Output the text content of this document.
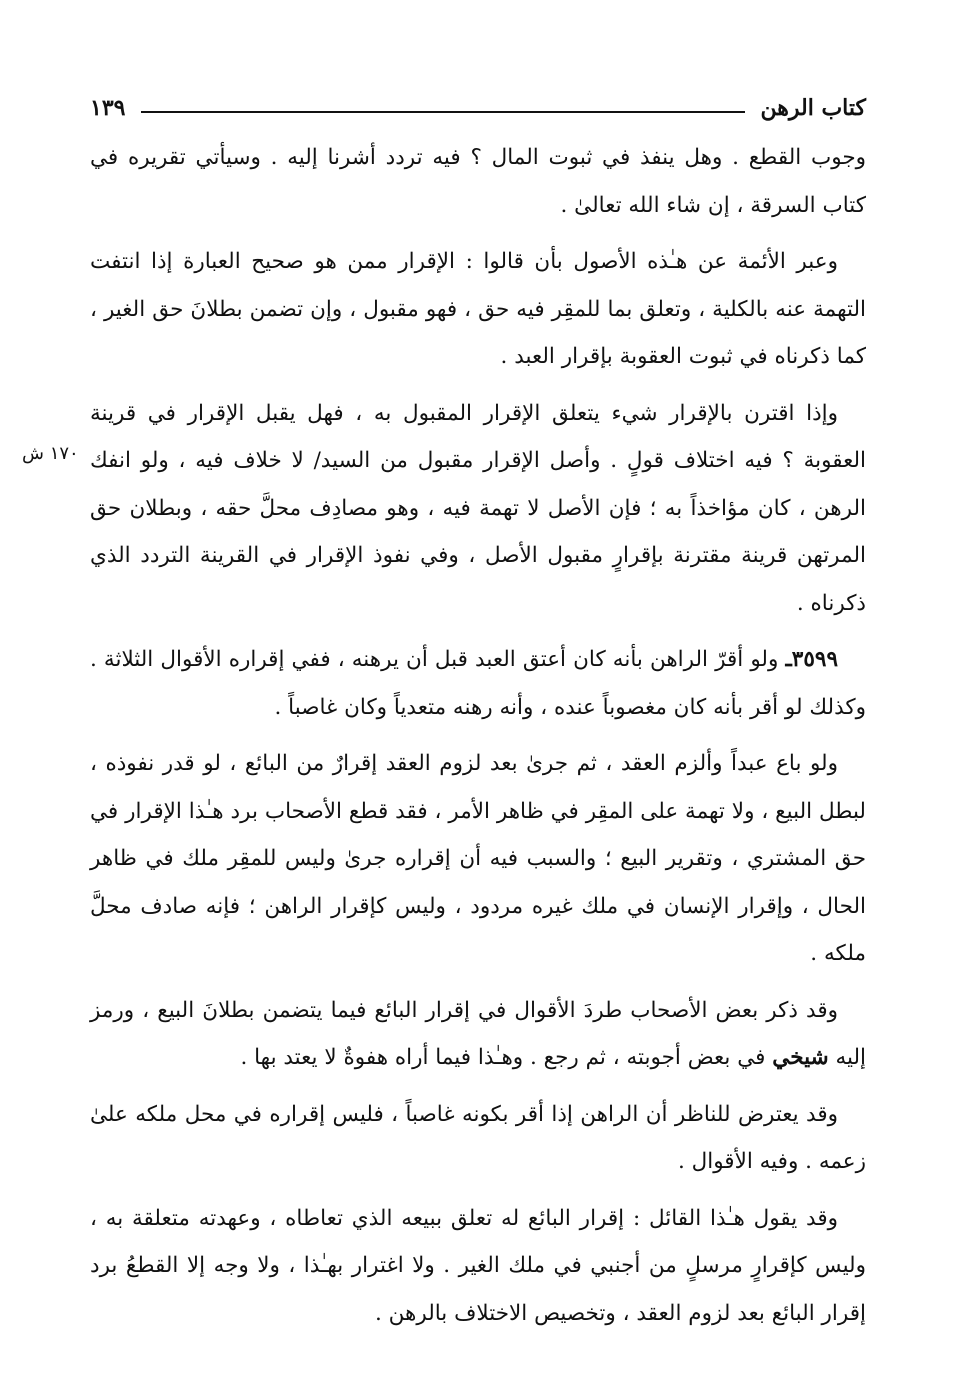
كتاب الرهن
١٣٩

وجوب القطع . وهل ينفذ في ثبوت المال ؟ فيه تردد أشرنا إليه . وسيأتي تقريره في كتاب السرقة ، إن شاء الله تعالىٰ .

وعبر الأئمة عن هـٰذه الأصول بأن قالوا : الإقرار ممن هو صحيح العبارة إذا انتفت التهمة عنه بالكلية ، وتعلق بما للمقِر فيه حق ، فهو مقبول ، وإن تضمن بطلانَ حق الغير ، كما ذكرناه في ثبوت العقوبة بإقرار العبد .

وإذا اقترن بالإقرار شيء يتعلق الإقرار المقبول به ، فهل يقبل الإقرار في قرينة العقوبة ؟ فيه اختلاف قولٍ . وأصل الإقرار مقبول من السيد/ لا خلاف فيه ، ولو انفك الرهن ، كان مؤاخذاً به ؛ فإن الأصل لا تهمة فيه ، وهو مصادِف محلَّ حقه ، وبطلان حق المرتهن قرينة مقترنة بإقرارٍ مقبول الأصل ، وفي نفوذ الإقرار في القرينة التردد الذي ذكرناه .

٣٥٩٩ـ ولو أقرّ الراهن بأنه كان أعتق العبد قبل أن يرهنه ، ففي إقراره الأقوال الثلاثة . وكذلك لو أقر بأنه كان مغصوباً عنده ، وأنه رهنه متعدياً وكان غاصباً .

ولو باع عبداً وألزم العقد ، ثم جرىٰ بعد لزوم العقد إقرارٌ من البائع ، لو قدر نفوذه ، لبطل البيع ، ولا تهمة على المقِر في ظاهر الأمر ، فقد قطع الأصحاب برد هـٰذا الإقرار في حق المشتري ، وتقرير البيع ؛ والسبب فيه أن إقراره جرىٰ وليس للمقِر ملك في ظاهر الحال ، وإقرار الإنسان في ملك غيره مردود ، وليس كإقرار الراهن ؛ فإنه صادف محلَّ ملكه .

وقد ذكر بعض الأصحاب طردَ الأقوال في إقرار البائع فيما يتضمن بطلانَ البيع ، ورمز إليه شيخي في بعض أجوبته ، ثم رجع . وهـٰذا فيما أراه هفوةٌ لا يعتد بها .

وقد يعترض للناظر أن الراهن إذا أقر بكونه غاصباً ، فليس إقراره في محل ملكه علىٰ زعمه . وفيه الأقوال .

وقد يقول هـٰذا القائل : إقرار البائع له تعلق ببيعه الذي تعاطاه ، وعهدته متعلقة به ، وليس كإقرارٍ مرسلٍ من أجنبي في ملك الغير . ولا اغترار بهـٰذا ، ولا وجه إلا القطعُ برد إقرار البائع بعد لزوم العقد ، وتخصيص الاختلاف بالرهن .

١٧٠ ش
